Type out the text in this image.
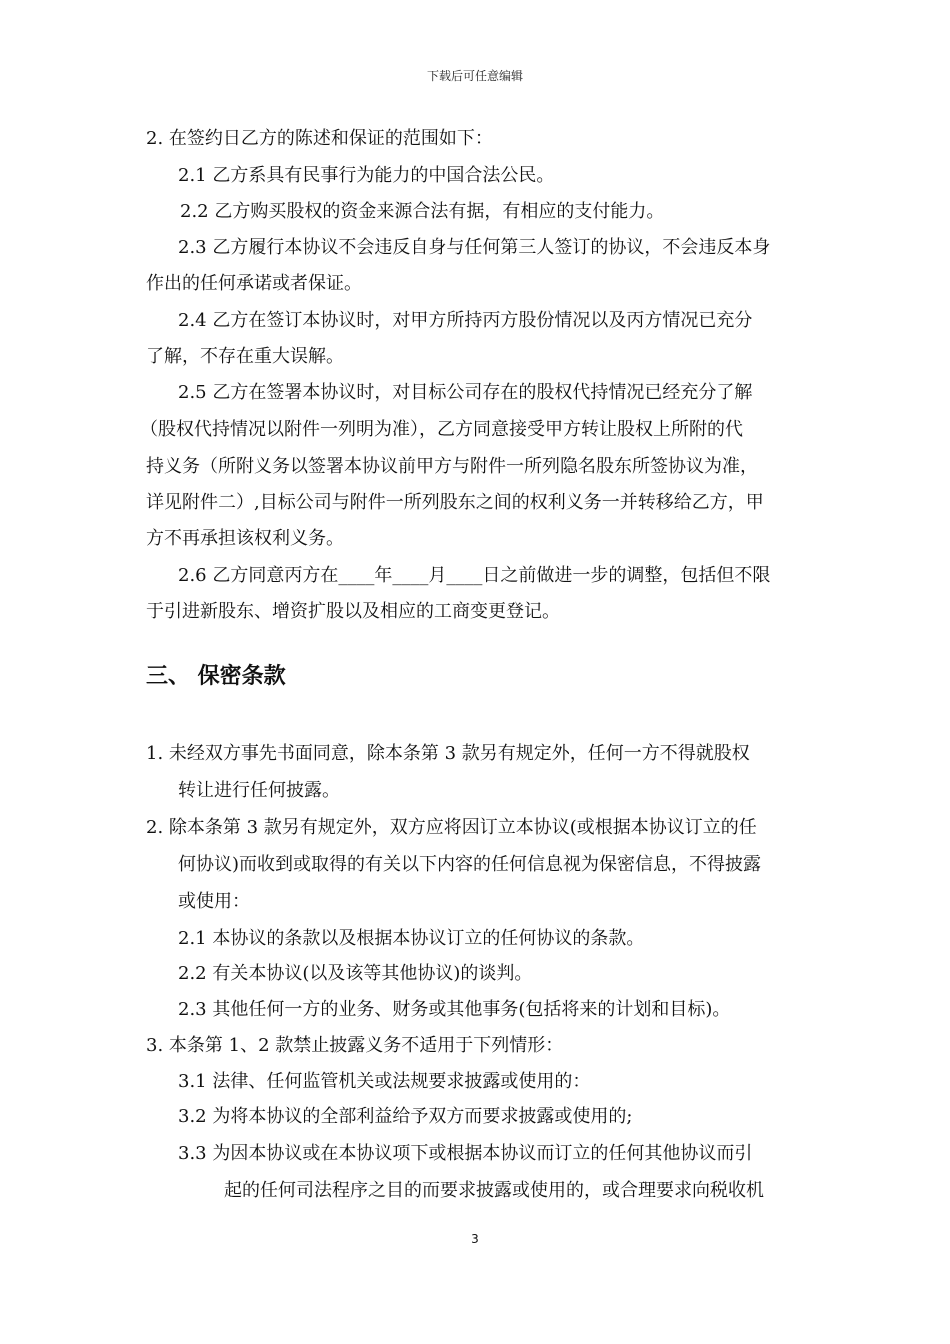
下载后可任意编辑
2. 在签约日乙方的陈述和保证的范围如下：
2.1 乙方系具有民事行为能力的中国合法公民。
2.2 乙方购买股权的资金来源合法有据，有相应的支付能力。
2.3 乙方履行本协议不会违反自身与任何第三人签订的协议，不会违反本身
作出的任何承诺或者保证。
2.4 乙方在签订本协议时，对甲方所持丙方股份情况以及丙方情况已充分
了解，不存在重大误解。
2.5 乙方在签署本协议时，对目标公司存在的股权代持情况已经充分了解
（股权代持情况以附件一列明为准），乙方同意接受甲方转让股权上所附的代
持义务（所附义务以签署本协议前甲方与附件一所列隐名股东所签协议为准，
详见附件二）,目标公司与附件一所列股东之间的权利义务一并转移给乙方，甲
方不再承担该权利义务。
2.6 乙方同意丙方在____年____月____日之前做进一步的调整，包括但不限
于引进新股东、增资扩股以及相应的工商变更登记。
三、 保密条款
1. 未经双方事先书面同意，除本条第 3 款另有规定外，任何一方不得就股权
转让进行任何披露。
2. 除本条第 3 款另有规定外，双方应将因订立本协议(或根据本协议订立的任
何协议)而收到或取得的有关以下内容的任何信息视为保密信息，不得披露
或使用：
2.1 本协议的条款以及根据本协议订立的任何协议的条款。
2.2 有关本协议(以及该等其他协议)的谈判。
2.3 其他任何一方的业务、财务或其他事务(包括将来的计划和目标)。
3. 本条第 1、2 款禁止披露义务不适用于下列情形：
3.1 法律、任何监管机关或法规要求披露或使用的：
3.2 为将本协议的全部利益给予双方而要求披露或使用的;
3.3 为因本协议或在本协议项下或根据本协议而订立的任何其他协议而引
起的任何司法程序之目的而要求披露或使用的，或合理要求向税收机
3
